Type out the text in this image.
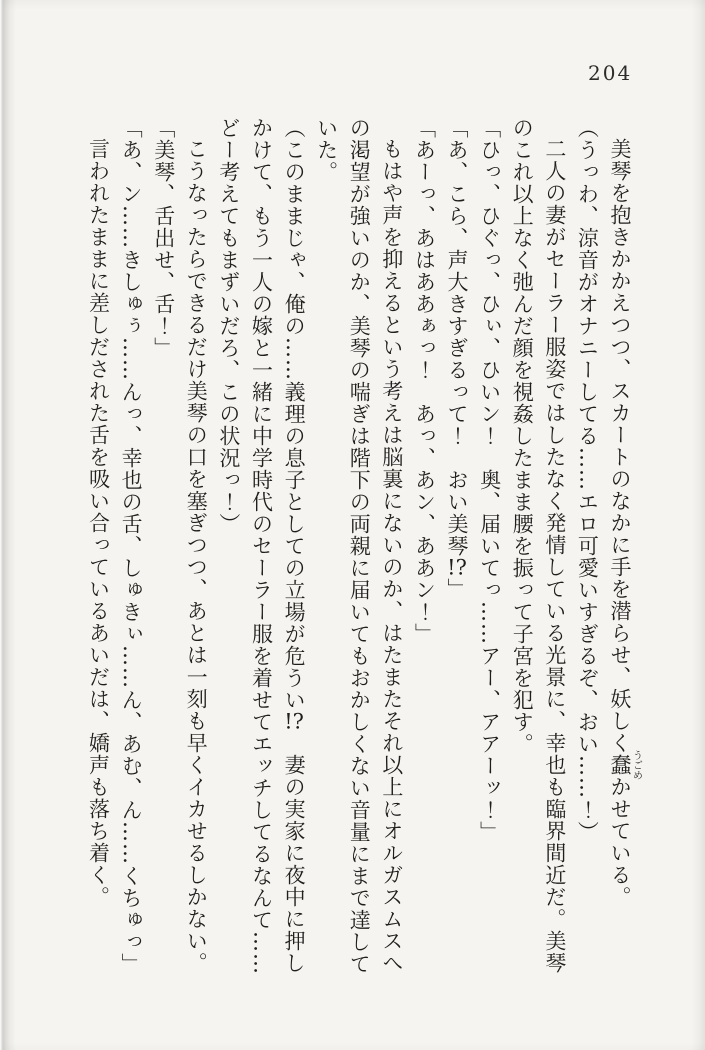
204

美琴を抱きかかえつつ、スカートのなかに手を潜らせ、妖しく蠢うごめかせている。

（うっわ、涼音がオナニーしてる……エロ可愛いすぎるぞ、おい……！）

二人の妻がセーラー服姿ではしたなく発情している光景に、幸也も臨界間近だ。美琴のこれ以上なく弛んだ顔を視姦したまま腰を振って子宮を犯す。

「ひっ、ひぐっ、ひぃ、ひいン！　奥、届いてっ……アー、アアーッ！」

「あ、こら、声大きすぎるって！　おい美琴!?」

「あーっ、あはああぁっ！　あっ、あン、ああン！」

もはや声を抑えるという考えは脳裏にないのか、はたまたそれ以上にオルガスムスへの渇望が強いのか、美琴の喘ぎは階下の両親に届いてもおかしくない音量にまで達していた。

（このままじゃ、俺の……義理の息子としての立場が危うい!?　妻の実家に夜中に押しかけて、もう一人の嫁と一緒に中学時代のセーラー服を着せてエッチしてるなんて……どー考えてもまずいだろ、この状況っ！）

こうなったらできるだけ美琴の口を塞ぎつつ、あとは一刻も早くイカせるしかない。

「美琴、舌出せ、舌！」

「あ、ン……きしゅぅ……んっ、幸也の舌、しゅきぃ……ん、あむ、ん……くちゅっ」

言われたままに差しだされた舌を吸い合っているあいだは、嬌声も落ち着く。
